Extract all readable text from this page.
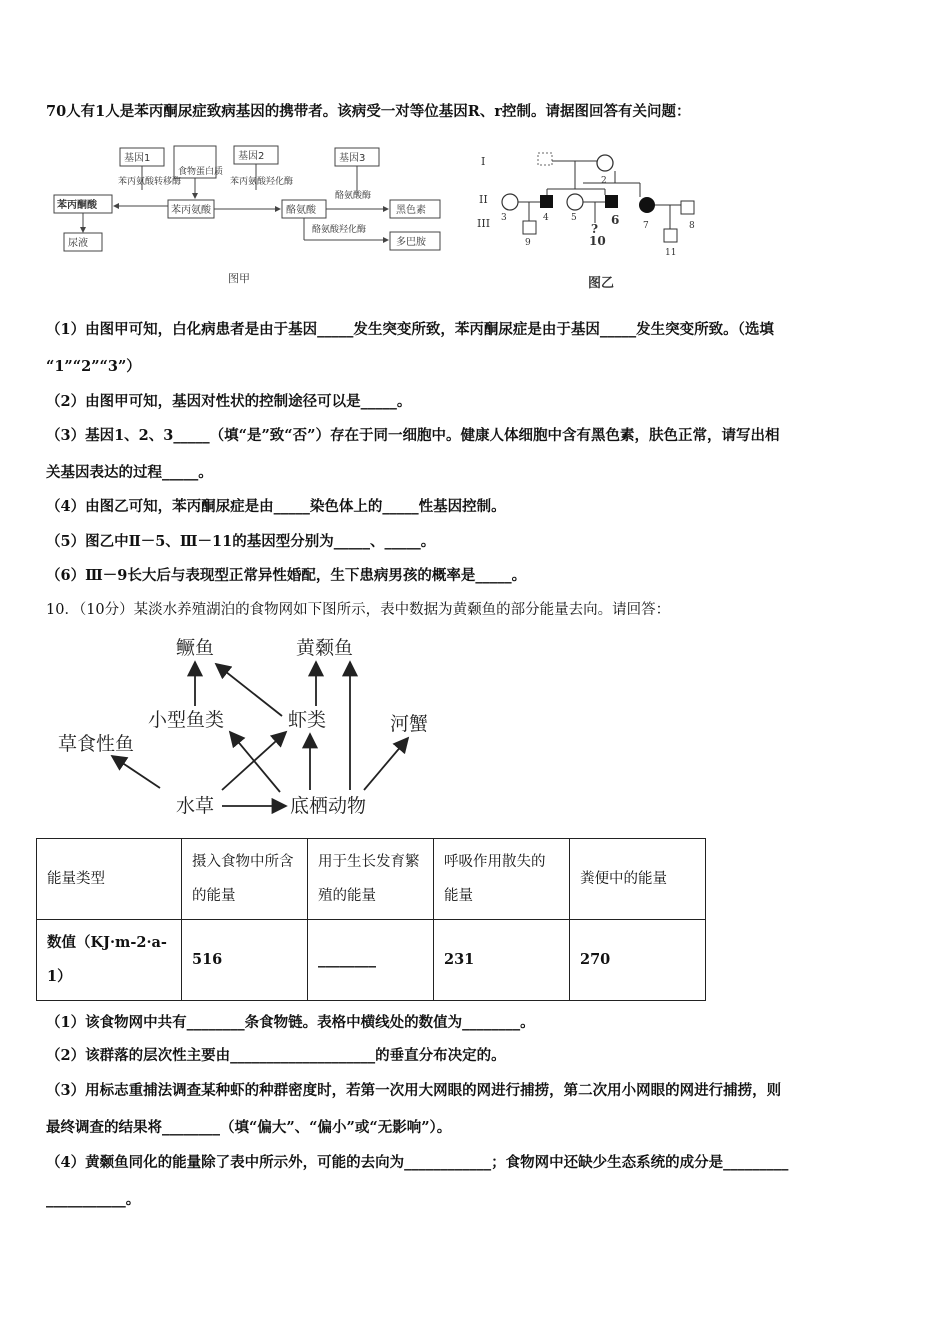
70人有1人是苯丙酮尿症致病基因的携带者。该病受一对等位基因R、r控制。请据图回答有关问题：
基因1
食物蛋白质
基因2	基因3
苯丙酮酸
尿液
苯丙氨酸转移酶
苯丙氨酸
苯丙氨酸羟化酶
酪氨酸
酪氨酸酶
黑色素
酪氨酸羟化酶
多巴胺
图甲
I
II
III
2
3	4 5	6	7	8
9
?
10
11
图乙
（1）由图甲可知，白化病患者是由于基因_____发生突变所致，苯丙酮尿症是由于基因_____发生突变所致。（选填
“1”“2”“3”）
（2）由图甲可知，基因对性状的控制途径可以是_____。
（3）基因1、2、3_____（填“是”致“否”）存在于同一细胞中。健康人体细胞中含有黑色素，肤色正常，请写出相
关基因表达的过程_____。
（4）由图乙可知，苯丙酮尿症是由_____染色体上的_____性基因控制。
（5）图乙中Ⅱ－5、Ⅲ－11的基因型分别为_____、_____。
（6）Ⅲ－9长大后与表现型正常异性婚配，生下患病男孩的概率是_____。
10．（10分）某淡水养殖湖泊的食物网如下图所示，表中数据为黄颡鱼的部分能量去向。请回答：
鳜鱼	黄颡鱼
小型鱼类	虾类	河蟹
草食性鱼
水草	底栖动物
能量类型	摄入食物中所含的能量	用于生长发育繁殖的能量	呼吸作用散失的能量	粪便中的能量
数值（KJ·m-2·a-1）	516	________	231	270
（1）该食物网中共有________条食物链。表格中横线处的数值为________。
（2）该群落的层次性主要由____________________的垂直分布决定的。
（3）用标志重捕法调查某种虾的种群密度时，若第一次用大网眼的网进行捕捞，第二次用小网眼的网进行捕捞，则
最终调查的结果将________（填“偏大”、“偏小”或“无影响”）。
（4）黄颡鱼同化的能量除了表中所示外，可能的去向为____________；食物网中还缺少生态系统的成分是_________
___________。
